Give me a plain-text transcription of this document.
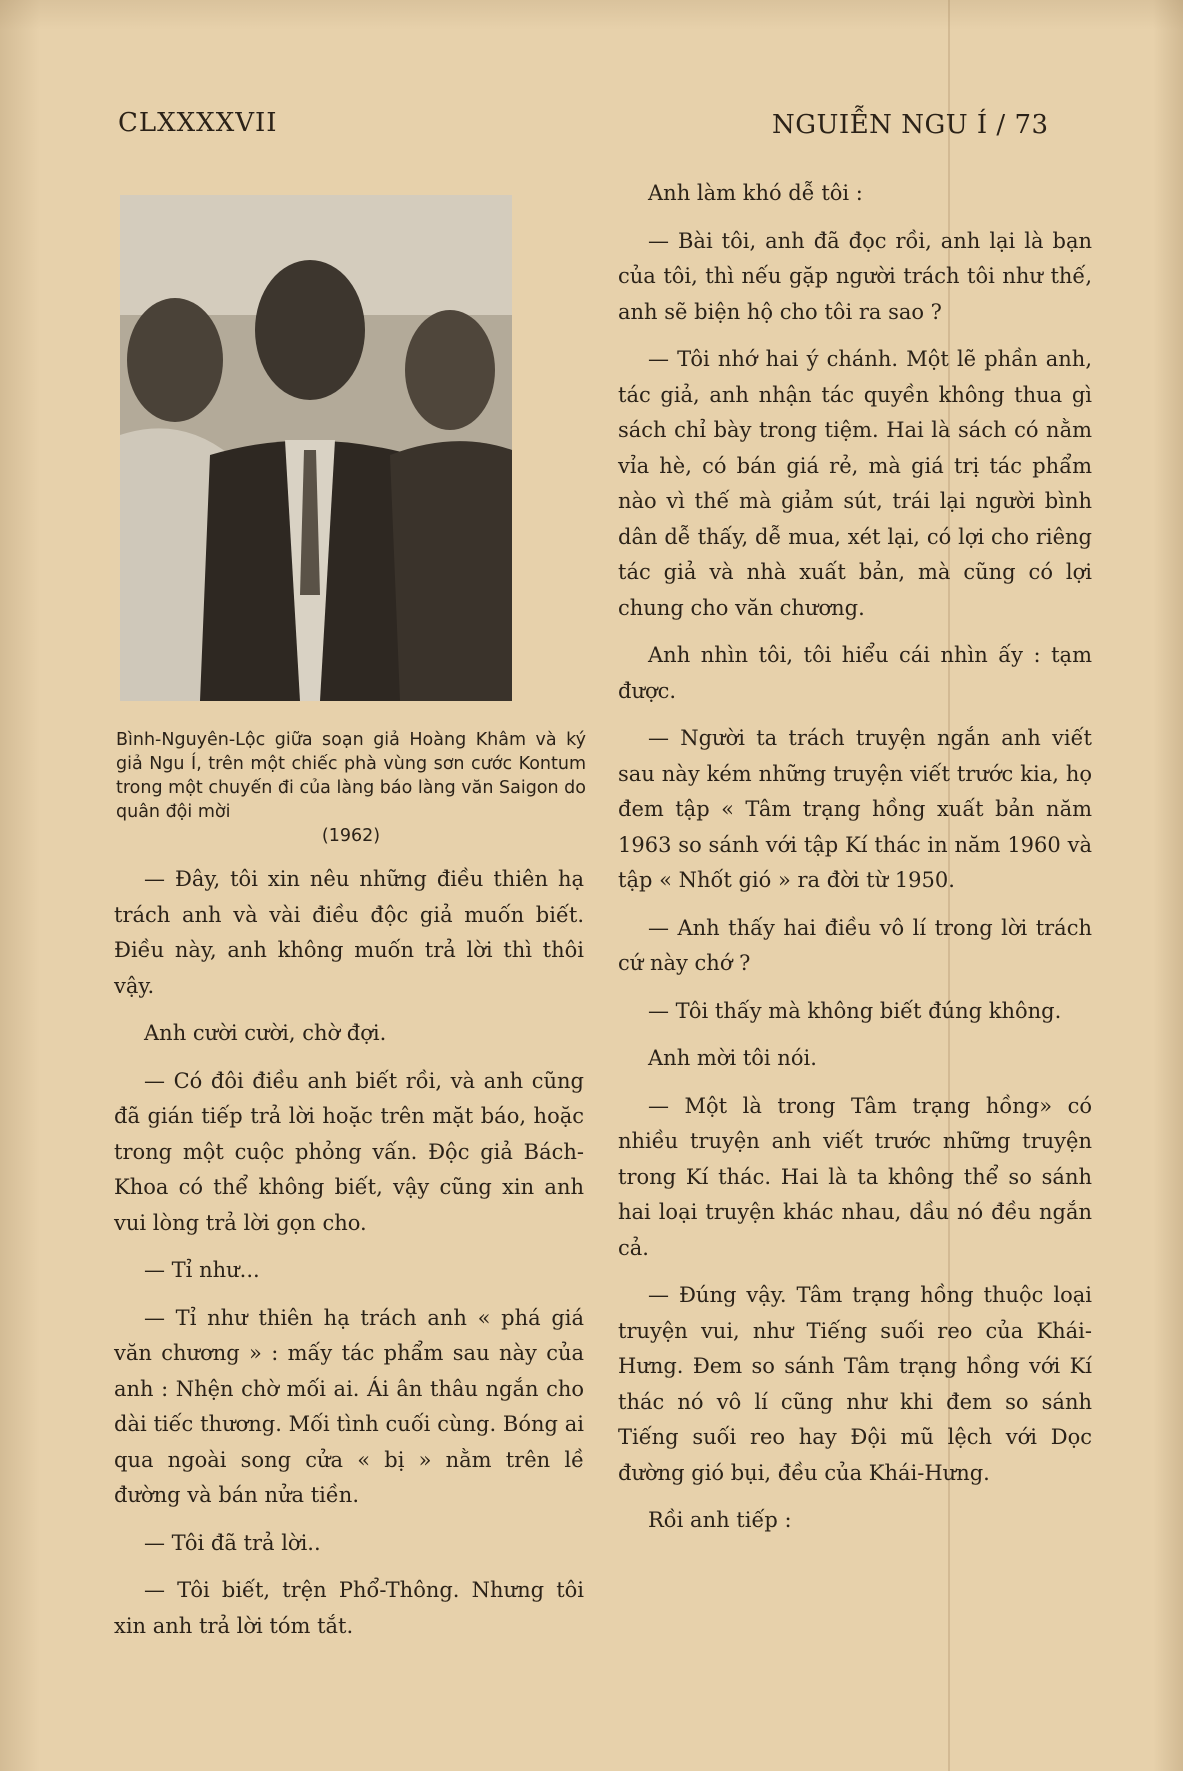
CLXXXXVII	NGUIỄN NGU Í / 73
Bình-Nguyên-Lộc giữa soạn giả Hoàng Khâm và ký giả Ngu Í, trên một chiếc phà vùng sơn cước Kontum trong một chuyến đi của làng báo làng văn Saigon do quân đội mời
(1962)

— Đây, tôi xin nêu những điều thiên hạ trách anh và vài điều độc giả muốn biết. Điều này, anh không muốn trả lời thì thôi vậy.

Anh cười cười, chờ đợi.

— Có đôi điều anh biết rồi, và anh cũng đã gián tiếp trả lời hoặc trên mặt báo, hoặc trong một cuộc phỏng vấn. Độc giả Bách-Khoa có thể không biết, vậy cũng xin anh vui lòng trả lời gọn cho.

— Tỉ như...

— Tỉ như thiên hạ trách anh « phá giá văn chương » : mấy tác phẩm sau này của anh : Nhện chờ mối ai. Ái ân thâu ngắn cho dài tiếc thương. Mối tình cuối cùng. Bóng ai qua ngoài song cửa « bị » nằm trên lề đường và bán nửa tiền.

— Tôi đã trả lời..

— Tôi biết, trện Phổ-Thông. Nhưng tôi xin anh trả lời tóm tắt.

Anh làm khó dễ tôi :

— Bài tôi, anh đã đọc rồi, anh lại là bạn của tôi, thì nếu gặp người trách tôi như thế, anh sẽ biện hộ cho tôi ra sao ?

— Tôi nhớ hai ý chánh. Một lẽ phần anh, tác giả, anh nhận tác quyền không thua gì sách chỉ bày trong tiệm. Hai là sách có nằm vỉa hè, có bán giá rẻ, mà giá trị tác phẩm nào vì thế mà giảm sút, trái lại người bình dân dễ thấy, dễ mua, xét lại, có lợi cho riêng tác giả và nhà xuất bản, mà cũng có lợi chung cho văn chương.

Anh nhìn tôi, tôi hiểu cái nhìn ấy : tạm được.

— Người ta trách truyện ngắn anh viết sau này kém những truyện viết trước kia, họ đem tập « Tâm trạng hồng xuất bản năm 1963 so sánh với tập Kí thác in năm 1960 và tập « Nhốt gió » ra đời từ 1950.

— Anh thấy hai điều vô lí trong lời trách cứ này chớ ?

— Tôi thấy mà không biết đúng không.

Anh mời tôi nói.

— Một là trong Tâm trạng hồng» có nhiều truyện anh viết trước những truyện trong Kí thác. Hai là ta không thể so sánh hai loại truyện khác nhau, dầu nó đều ngắn cả.

— Đúng vậy. Tâm trạng hồng thuộc loại truyện vui, như Tiếng suối reo của Khái-Hưng. Đem so sánh Tâm trạng hồng với Kí thác nó vô lí cũng như khi đem so sánh Tiếng suối reo hay Đội mũ lệch với Dọc đường gió bụi, đều của Khái-Hưng.

Rồi anh tiếp :
